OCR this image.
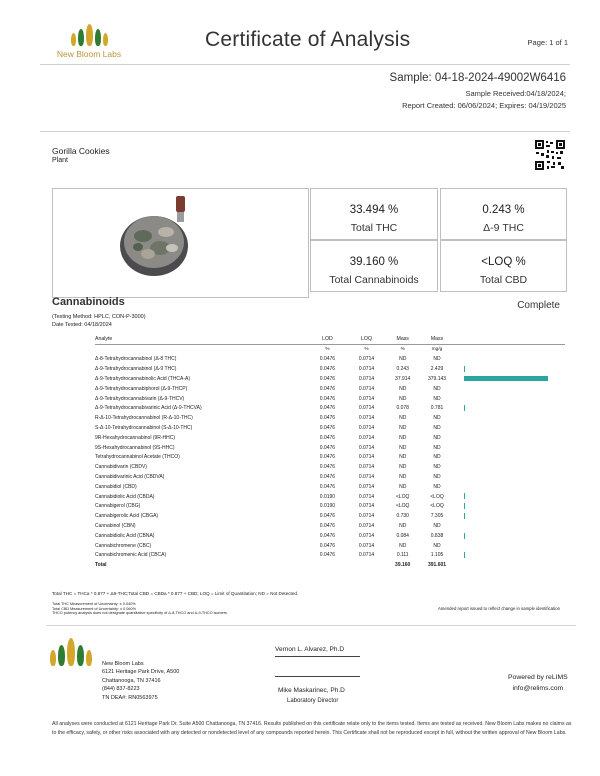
New Bloom Labs
Certificate of Analysis	Page: 1 of 1
Sample: 04-18-2024-49002W6416
Sample Received:04/18/2024;
Report Created: 06/06/2024; Expires: 04/19/2025
Gorilla Cookies
Plant
33.494 %
Total THC
0.243 %
Δ-9 THC
39.160 %
Total Cannabinoids
<LOQ %
Total CBD
Cannabinoids	Complete
(Testing Method: HPLC, CON-P-3000)
Date Tested: 04/18/2024
Analyte	LOD	LOQ	Mass	Mass	
	%	%	%	mg/g	
Δ-8-Tetrahydrocannabinol (Δ-8 THC)	0.0476	0.0714	ND	ND	
Δ-9-Tetrahydrocannabinol (Δ-9 THC)	0.0476	0.0714	0.243	2.429	
Δ-9-Tetrahydrocannabinolic Acid (THCA-A)	0.0476	0.0714	37.914	379.143	
Δ-9-Tetrahydrocannabiphorol (Δ-9-THCP)	0.0476	0.0714	ND	ND	
Δ-9-Tetrahydrocannabivarin (Δ-9-THCV)	0.0476	0.0714	ND	ND	
Δ-9-Tetrahydrocannabivarinic Acid (Δ-9-THCVA)	0.0476	0.0714	0.078	0.781	
R-Δ-10-Tetrahydrocannabinol (R-Δ-10-THC)	0.0476	0.0714	ND	ND	
S-Δ-10-Tetrahydrocannabinol (S-Δ-10-THC)	0.0476	0.0714	ND	ND	
9R-Hexahydrocannabinol (9R-HHC)	0.0476	0.0714	ND	ND	
9S-Hexahydrocannabinol (9S-HHC)	0.0476	0.0714	ND	ND	
Tetrahydrocannabinol Acetate (THCO)	0.0476	0.0714	ND	ND	
Cannabidivarin (CBDV)	0.0476	0.0714	ND	ND	
Cannabidivarinic Acid (CBDVA)	0.0476	0.0714	ND	ND	
Cannabidiol (CBD)	0.0476	0.0714	ND	ND	
Cannabidiolic Acid (CBDA)	0.0190	0.0714	<LOQ	<LOQ	
Cannabigerol (CBG)	0.0190	0.0714	<LOQ	<LOQ	
Cannabigerolic Acid (CBGA)	0.0476	0.0714	0.730	7.305	
Cannabinol (CBN)	0.0476	0.0714	ND	ND	
Cannabidiolic Acid (CBNA)	0.0476	0.0714	0.084	0.838	
Cannabichromene (CBC)	0.0476	0.0714	ND	ND	
Cannabichromenic Acid (CBCA)	0.0476	0.0714	0.111	1.105	
Total			39.160	391.601	
Total THC = THCa * 0.877 + Δ9-THC;Total CBD = CBDa * 0.877 + CBD; LOQ = Limit of Quantitation; ND = Not Detected.
Total THC Measurement of Uncertainty: ± 0.040%
Total CBD Measurement of Uncertainty: ± 0.060%
THCO potency analysis does not designate quantitative specificity of Δ-8-THCO and Δ-9-THCO isomers
Amended report issued to reflect change in sample identification
New Bloom Labs
6121 Heritage Park Drive, A500
Chattanooga, TN 37416
(844) 837-8223
TN DEA#: RN0563975
Vernon L. Alvarez, Ph.D
Mike Maskarinec, Ph.D
Laboratory Director
Powered by reLIMS
info@relims.com
All analyses were conducted at 6121 Heritage Park Dr. Suite A500 Chattanooga, TN 37416. Results published on this certificate relate only to the items tested. Items are tested as received. New Bloom Labs makes no claims as to the efficacy, safety, or other risks associated with any detected or nondetected level of any compounds reported herein. This Certificate shall not be reproduced except in full, without the written approval of New Bloom Labs.
